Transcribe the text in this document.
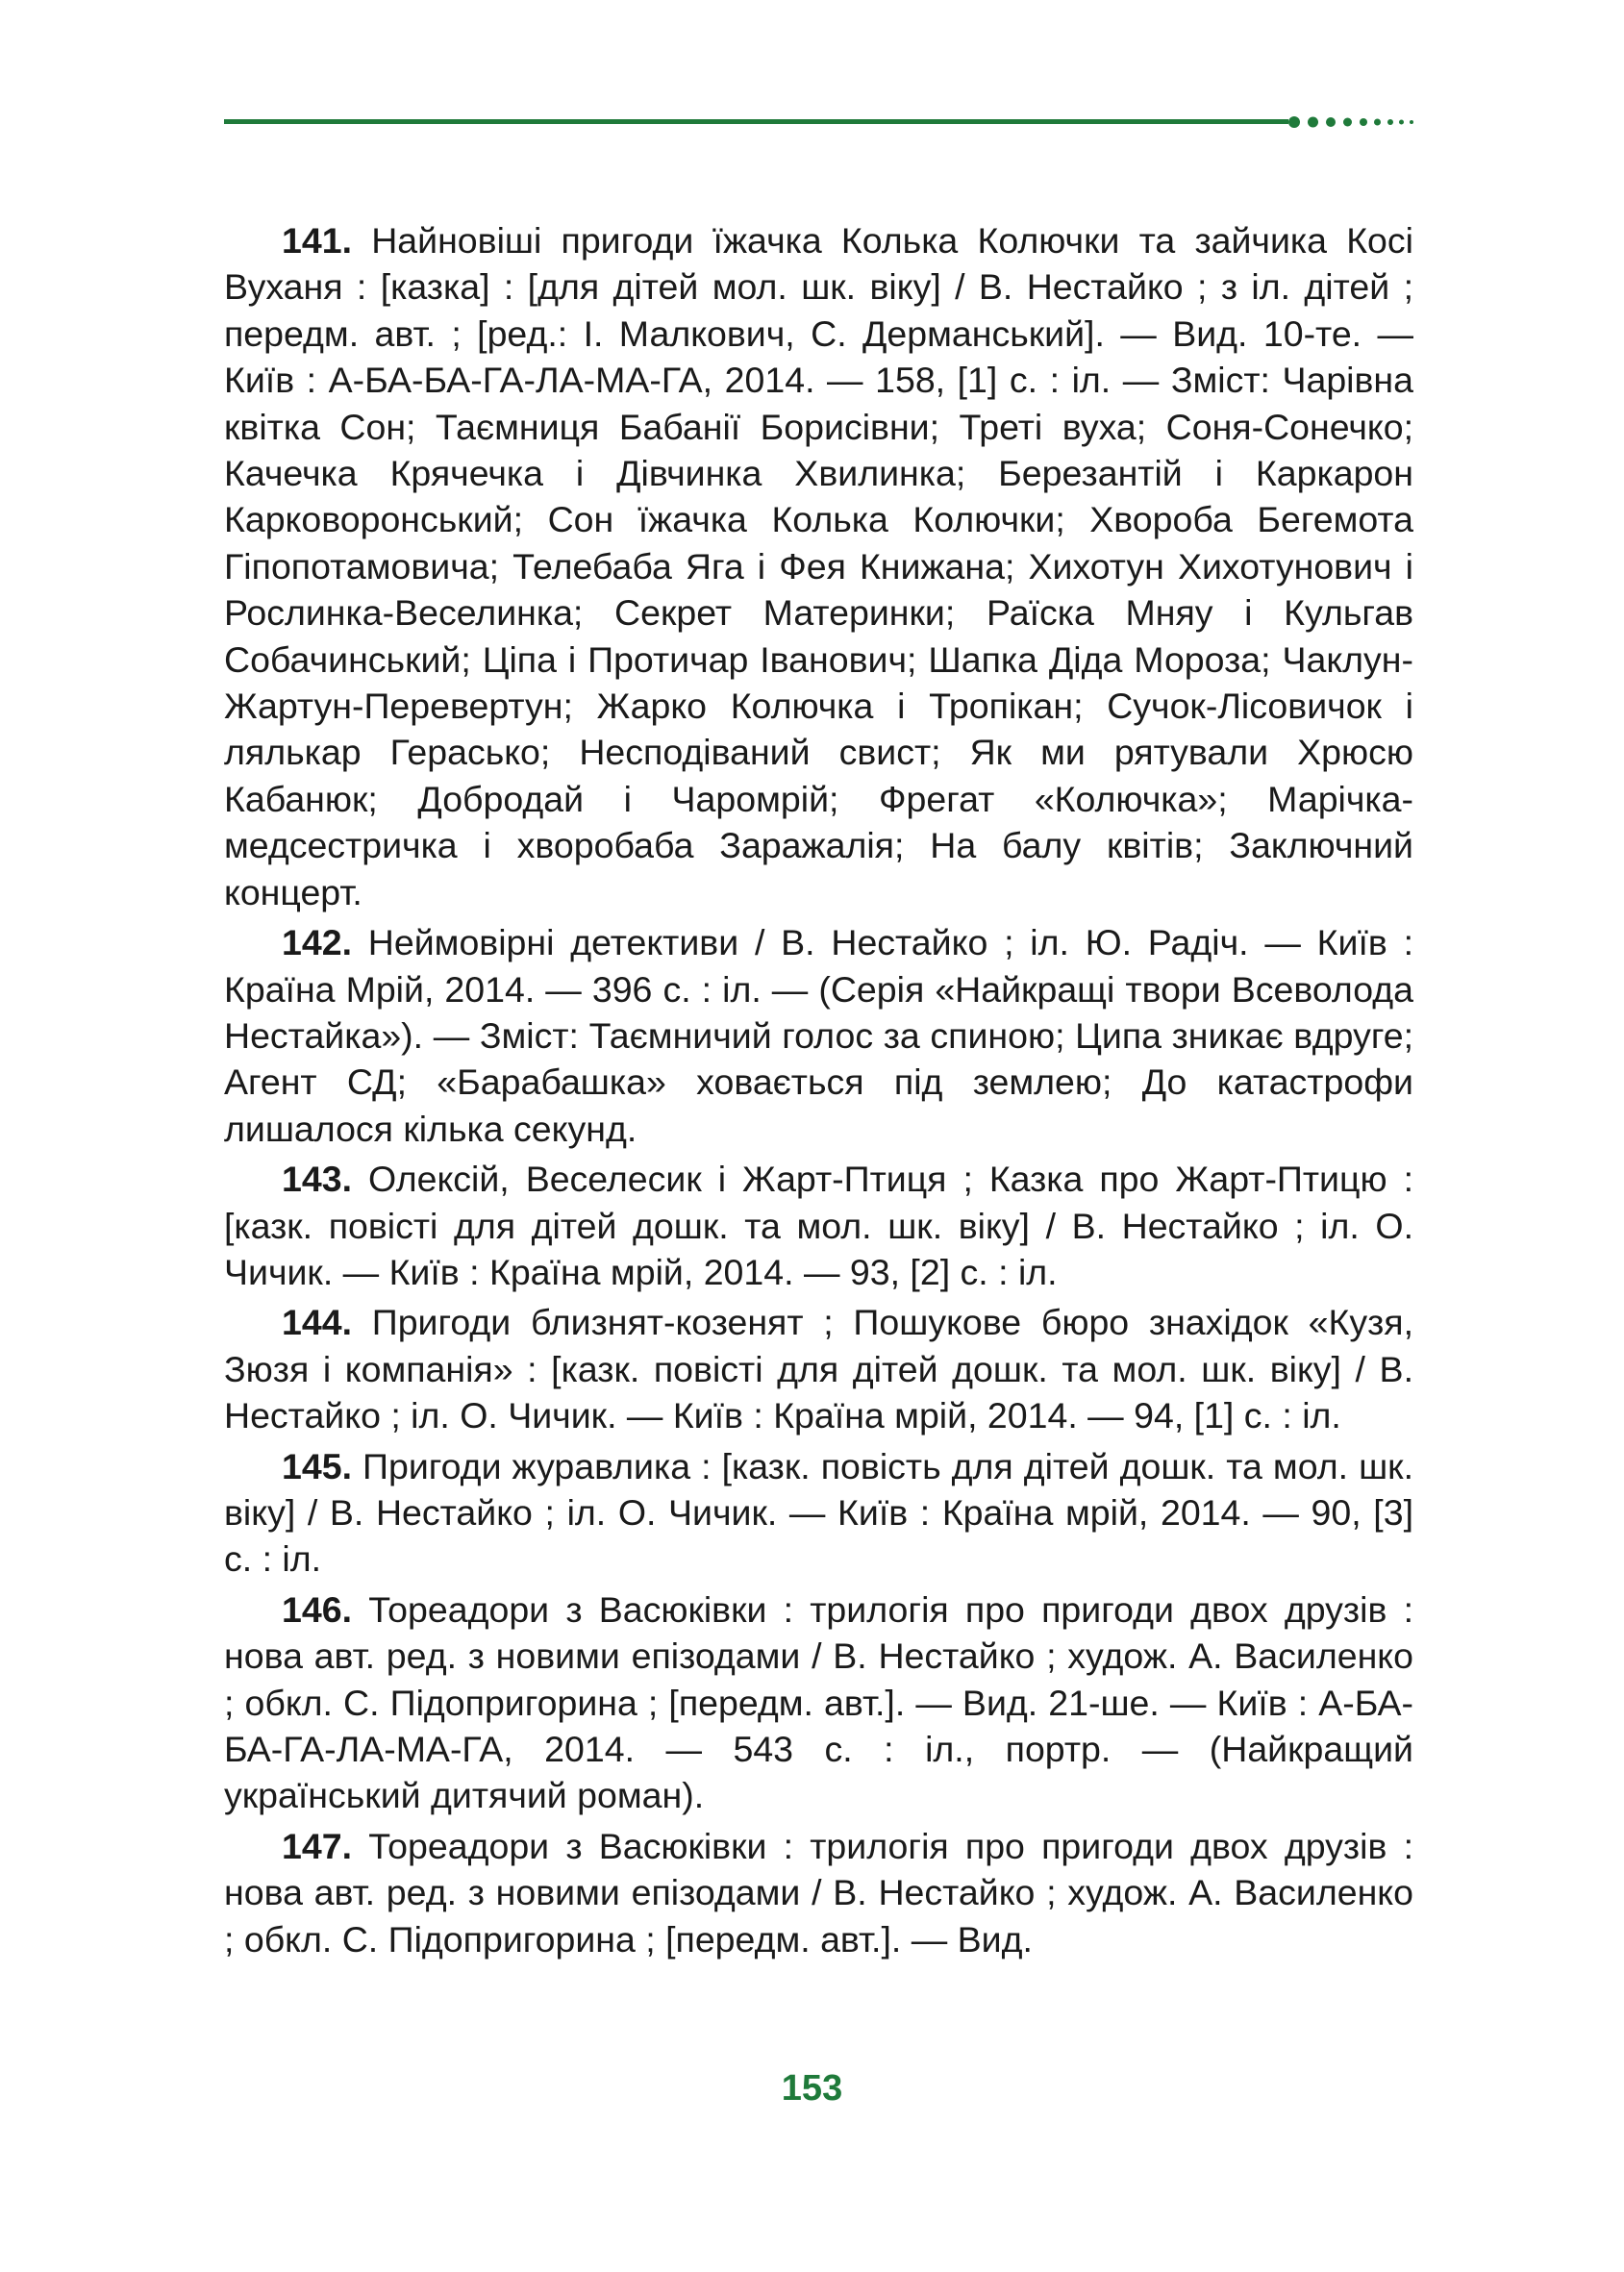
141. Найновіші пригоди їжачка Колька Колючки та зайчика Косі Вуханя : [казка] : [для дітей мол. шк. віку] / В. Нестайко ; з іл. дітей ; передм. авт. ; [ред.: І. Малкович, С. Дерманський]. — Вид. 10-те. — Київ : А-БА-БА-ГА-ЛА-МА-ГА, 2014. — 158, [1] с. : іл. — Зміст: Чарівна квітка Сон; Таємниця Бабанії Борисівни; Треті вуха; Соня-Сонечко; Качечка Крячечка і Дівчинка Хвилинка; Березантій і Каркарон Карковоронський; Сон їжачка Колька Колючки; Хвороба Бегемота Гіпопотамовича; Телебаба Яга і Фея Книжана; Хихотун Хихотунович і Рослинка-Веселинка; Секрет Материнки; Раїска Мняу і Кульгав Собачинський; Ціпа і Протичар Іванович; Шапка Діда Мороза; Чаклун-Жартун-Перевертун; Жарко Колючка і Тропікан; Сучок-Лісовичок і лялькар Герасько; Несподіваний свист; Як ми рятували Хрюсю Кабанюк; Добродай і Чаромрій; Фрегат «Колючка»; Марічка-медсестричка і хворобаба Заражалія; На балу квітів; Заключний концерт.

142. Неймовірні детективи / В. Нестайко ; іл. Ю. Радіч. — Київ : Країна Мрій, 2014. — 396 с. : іл. — (Серія «Найкращі твори Всеволода Нестайка»). — Зміст: Таємничий голос за спиною; Ципа зникає вдруге; Агент СД; «Барабашка» ховається під землею; До катастрофи лишалося кілька секунд.

143. Олексій, Веселесик і Жарт-Птиця ; Казка про Жарт-Птицю : [казк. повісті для дітей дошк. та мол. шк. віку] / В. Нестайко ; іл. О. Чичик. — Київ : Країна мрій, 2014. — 93, [2] с. : іл.

144. Пригоди близнят-козенят ; Пошукове бюро знахідок «Кузя, Зюзя і компанія» : [казк. повісті для дітей дошк. та мол. шк. віку] / В. Нестайко ; іл. О. Чичик. — Київ : Країна мрій, 2014. — 94, [1] с. : іл.

145. Пригоди журавлика : [казк. повість для дітей дошк. та мол. шк. віку] / В. Нестайко ; іл. О. Чичик. — Київ : Країна мрій, 2014. — 90, [3] с. : іл.

146. Тореадори з Васюківки : трилогія про пригоди двох друзів : нова авт. ред. з новими епізодами / В. Нестайко ; худож. А. Василенко ; обкл. С. Підопригорина ; [передм. авт.]. — Вид. 21-ше. — Київ : А-БА-БА-ГА-ЛА-МА-ГА, 2014. — 543 с. : іл., портр. — (Найкращий український дитячий роман).

147. Тореадори з Васюківки : трилогія про пригоди двох друзів : нова авт. ред. з новими епізодами / В. Нестайко ; худож. А. Василенко ; обкл. С. Підопригорина ; [передм. авт.]. — Вид.

153
